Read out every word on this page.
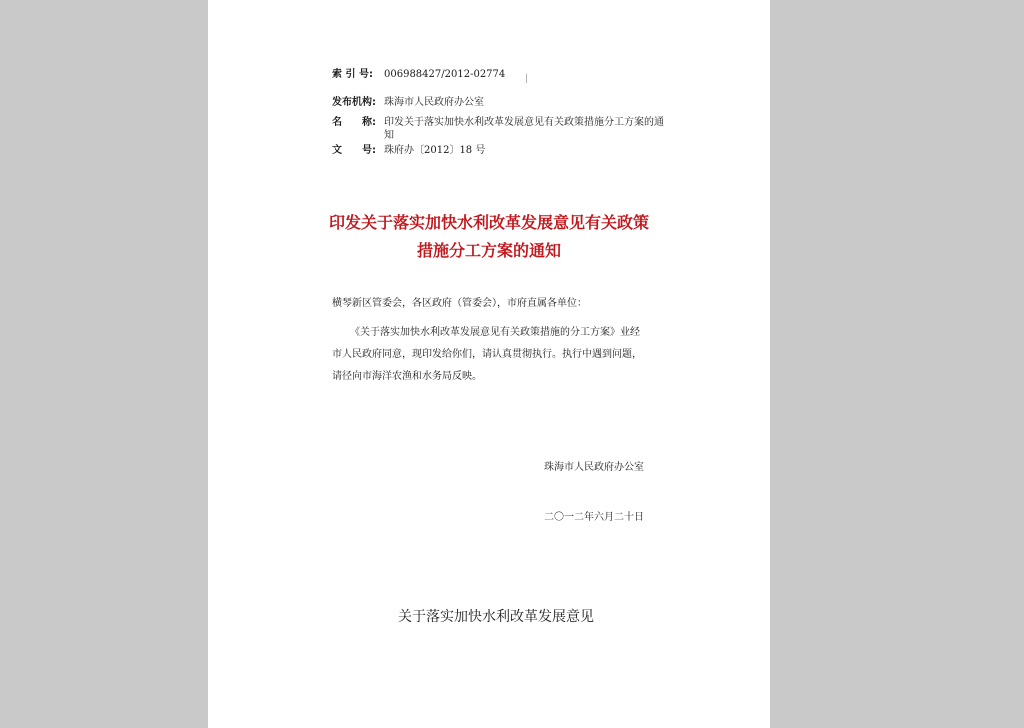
索 引 号: 006988427/2012-02774 │
发布机构: 珠海市人民政府办公室
名　　称: 印发关于落实加快水利改革发展意见有关政策措施分工方案的通知
文　　号: 珠府办〔2012〕18 号
印发关于落实加快水利改革发展意见有关政策
措施分工方案的通知
横琴新区管委会，各区政府（管委会），市府直属各单位：
《关于落实加快水利改革发展意见有关政策措施的分工方案》业经
市人民政府同意，现印发给你们，请认真贯彻执行。执行中遇到问题，
请径向市海洋农渔和水务局反映。
珠海市人民政府办公室
二〇一二年六月二十日
关于落实加快水利改革发展意见
